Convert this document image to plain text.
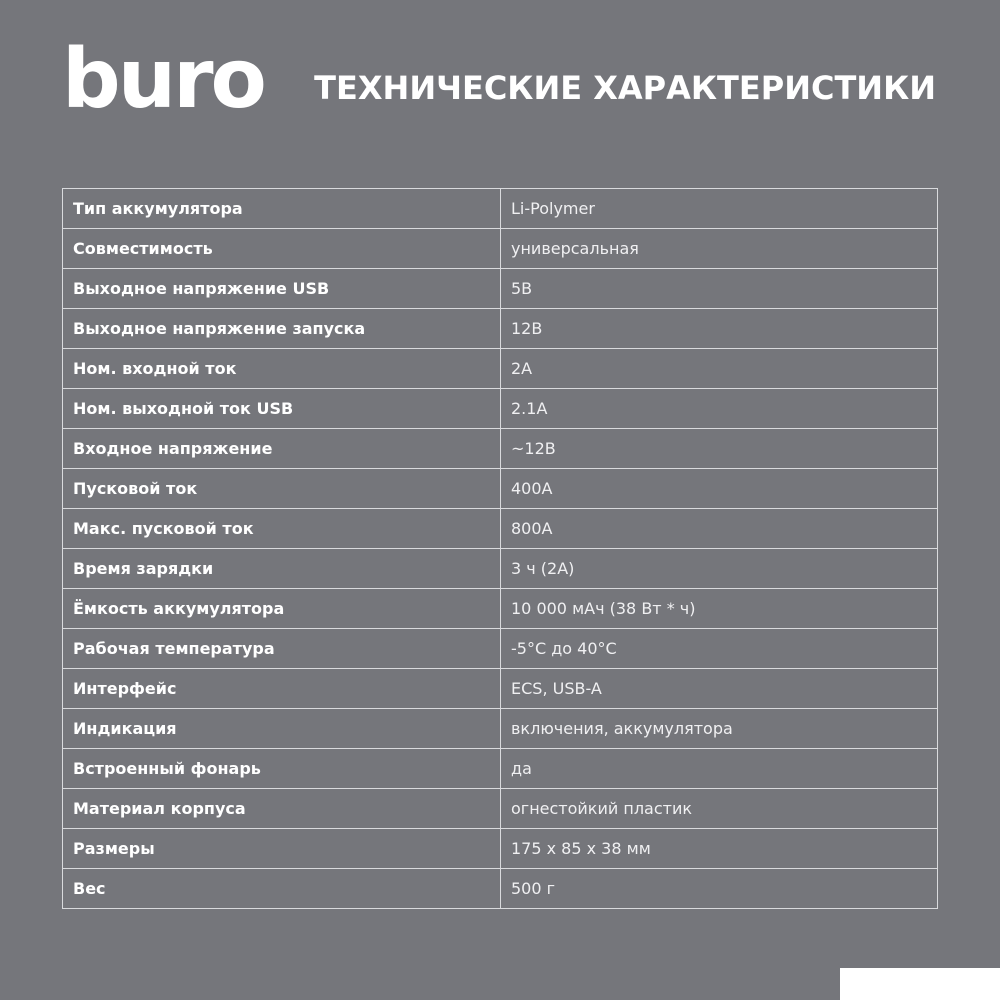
buro ТЕХНИЧЕСКИЕ ХАРАКТЕРИСТИКИ
Тип аккумулятора	Li-Polymer
Совместимость	универсальная
Выходное напряжение USB	5В
Выходное напряжение запуска	12В
Ном. входной ток	2А
Ном. выходной ток USB	2.1А
Входное напряжение	~12В
Пусковой ток	400А
Макс. пусковой ток	800А
Время зарядки	3 ч (2А)
Ёмкость аккумулятора	10 000 мАч (38 Вт * ч)
Рабочая температура	-5°С до 40°С
Интерфейс	ECS, USB-A
Индикация	включения, аккумулятора
Встроенный фонарь	да
Материал корпуса	огнестойкий пластик
Размеры	175 х 85 х 38 мм
Вес	500 г
